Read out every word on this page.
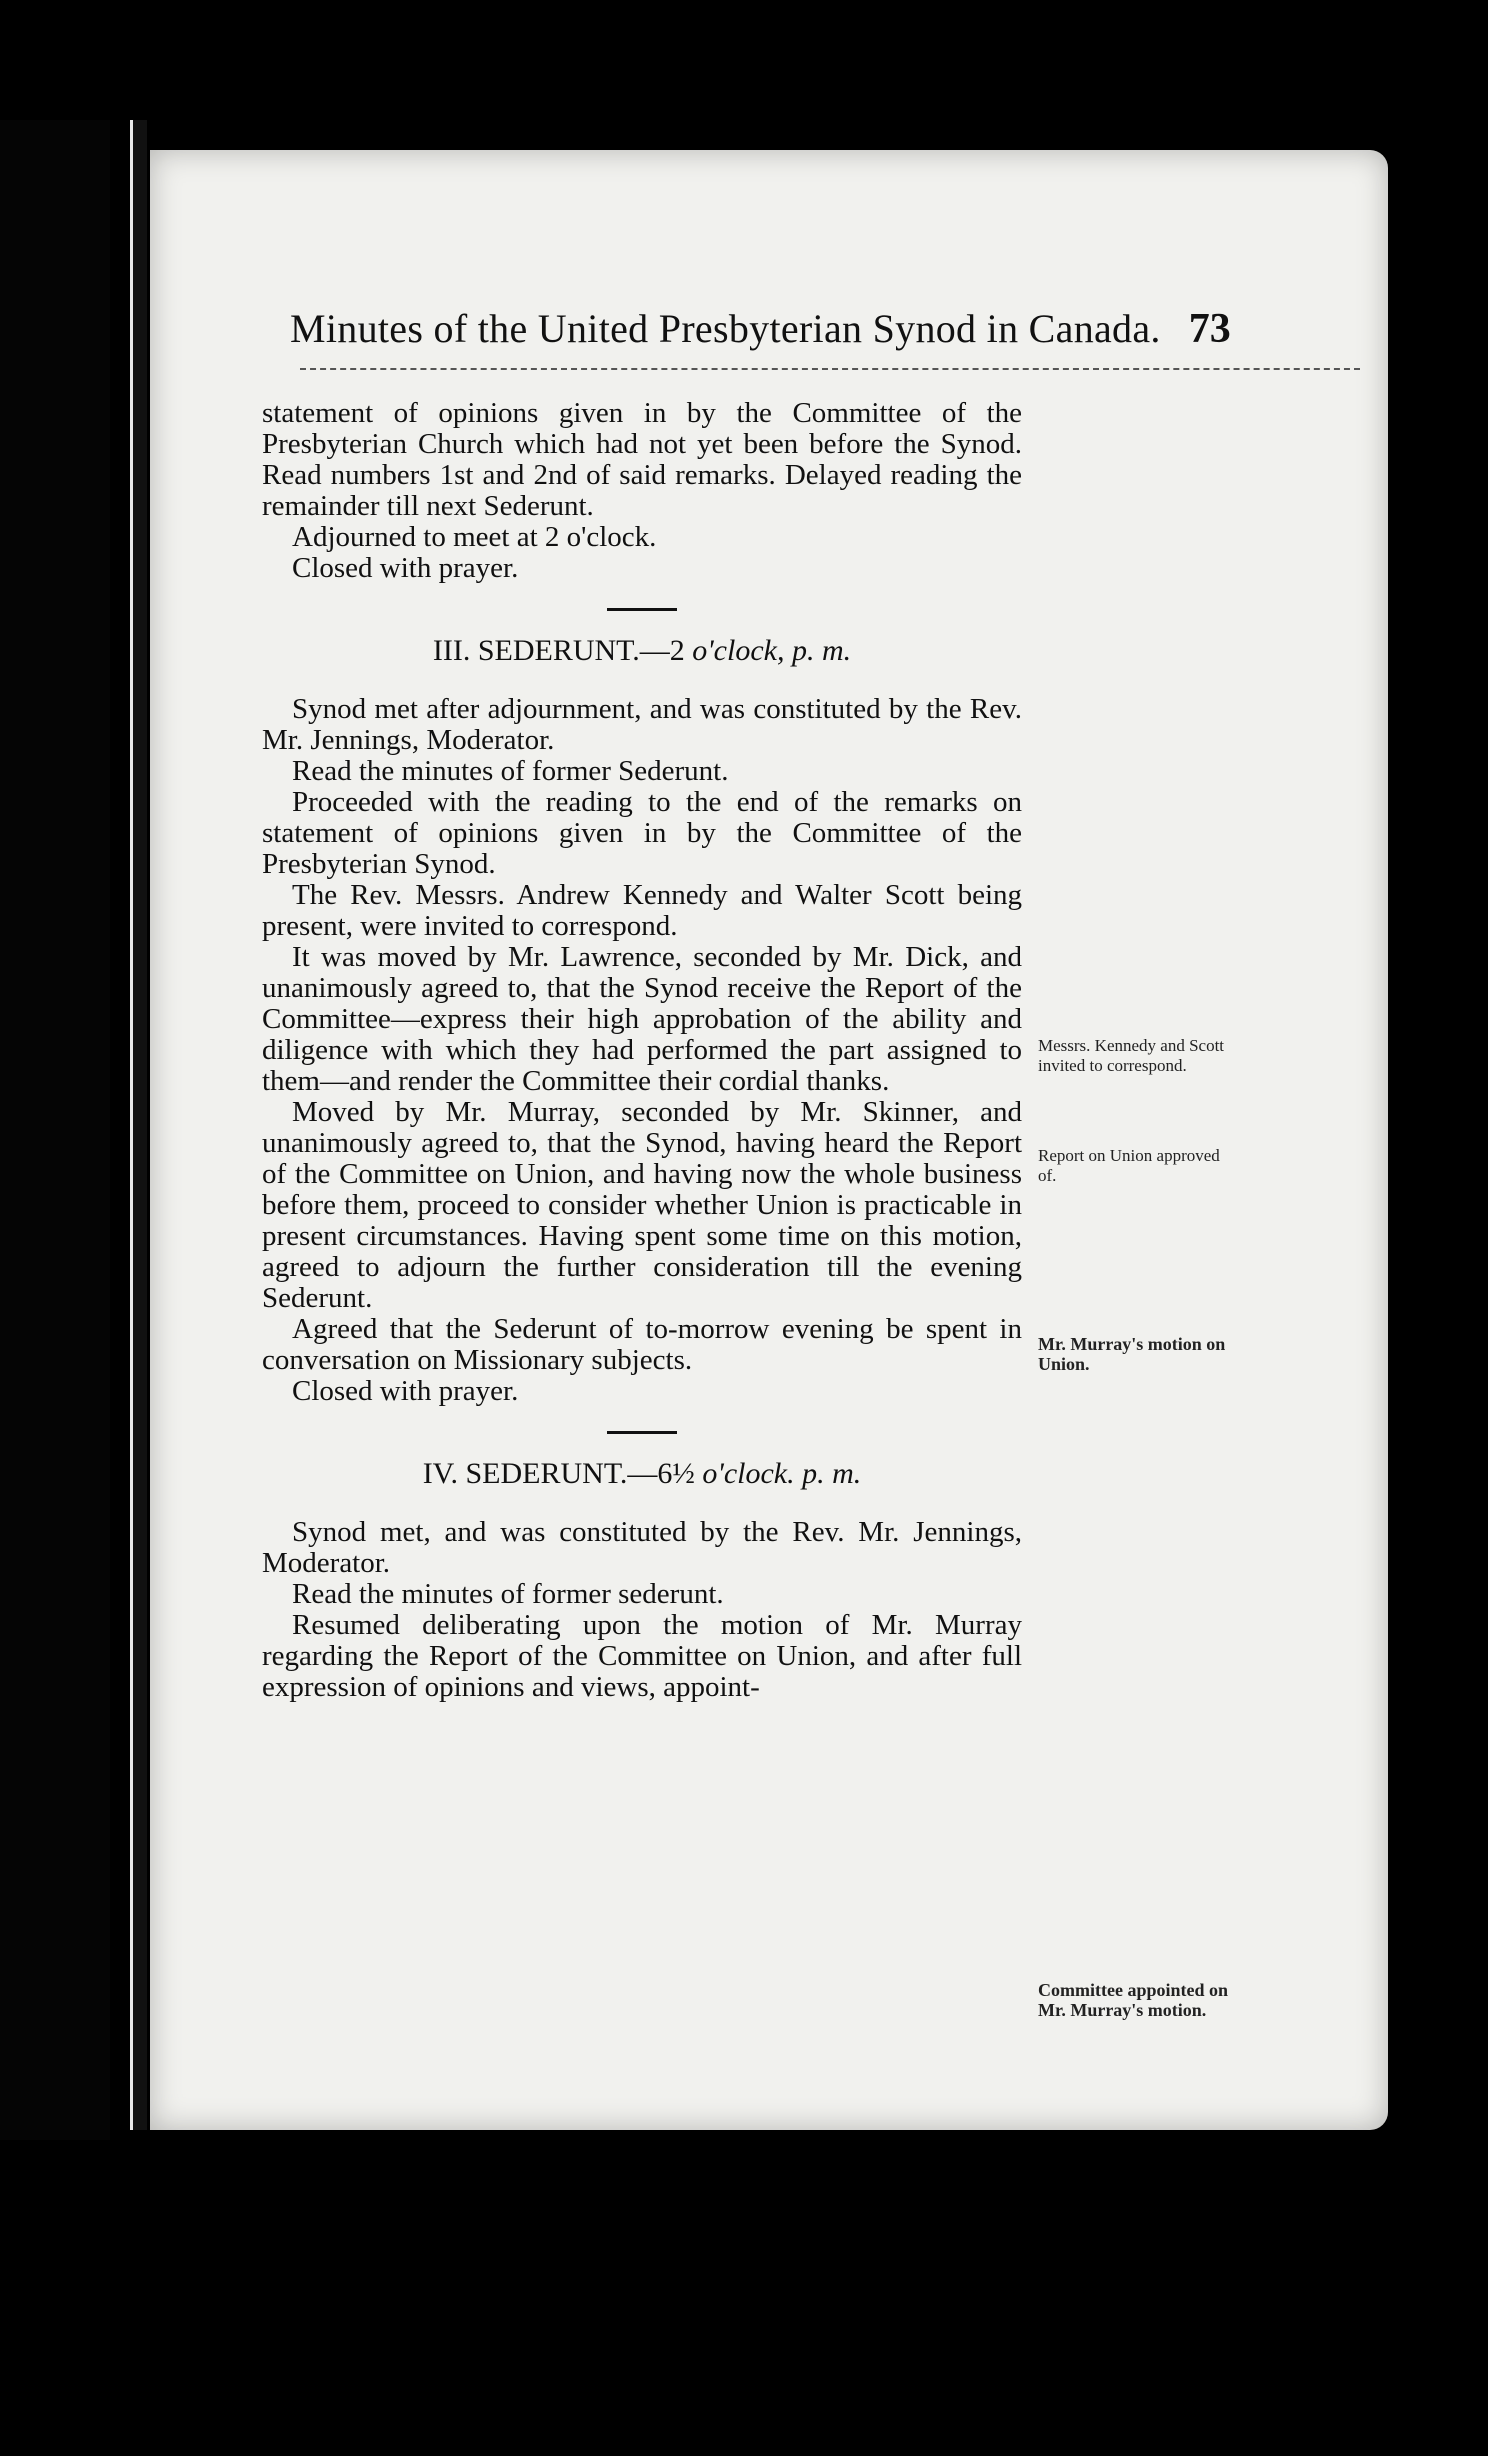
Minutes of the United Presbyterian Synod in Canada. 73

statement of opinions given in by the Committee of the Presbyterian Church which had not yet been before the Synod. Read numbers 1st and 2nd of said remarks. Delayed reading the remainder till next Sederunt.

Adjourned to meet at 2 o'clock.

Closed with prayer.

III. SEDERUNT.—2 o'clock, p. m.

Synod met after adjournment, and was constituted by the Rev. Mr. Jennings, Moderator.

Read the minutes of former Sederunt.

Proceeded with the reading to the end of the remarks on statement of opinions given in by the Committee of the Presbyterian Synod.

The Rev. Messrs. Andrew Kennedy and Walter Scott being present, were invited to correspond.

It was moved by Mr. Lawrence, seconded by Mr. Dick, and unanimously agreed to, that the Synod receive the Report of the Committee—express their high approbation of the ability and diligence with which they had performed the part assigned to them—and render the Committee their cordial thanks.

Moved by Mr. Murray, seconded by Mr. Skinner, and unanimously agreed to, that the Synod, having heard the Report of the Committee on Union, and having now the whole business before them, proceed to consider whether Union is practicable in present circumstances. Having spent some time on this motion, agreed to adjourn the further consideration till the evening Sederunt.

Agreed that the Sederunt of to-morrow evening be spent in conversation on Missionary subjects.

Closed with prayer.

IV. SEDERUNT.—6½ o'clock. p. m.

Synod met, and was constituted by the Rev. Mr. Jennings, Moderator.

Read the minutes of former sederunt.

Resumed deliberating upon the motion of Mr. Murray regarding the Report of the Committee on Union, and after full expression of opinions and views, appoint-

Messrs. Kennedy and Scott invited to correspond.
Report on Union approved of.
Mr. Murray's motion on Union.
Committee appointed on Mr. Murray's motion.
